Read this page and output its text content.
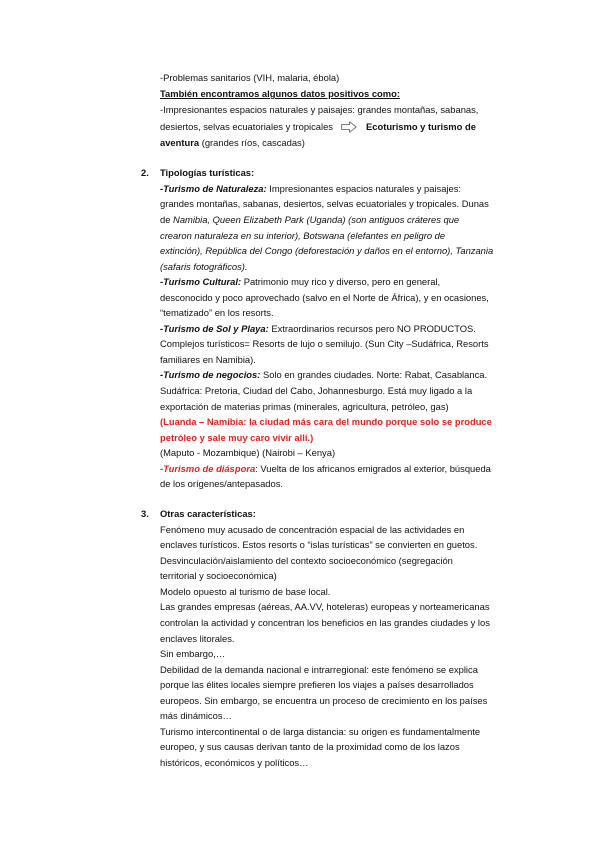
-Problemas sanitarios (VIH, malaria, ébola)
También encontramos algunos datos positivos como:
-Impresionantes espacios naturales y paisajes: grandes montañas, sabanas,
desiertos, selvas ecuatoriales y tropicales	Ecoturismo y turismo de
aventura (grandes ríos, cascadas)
2. Tipologías turísticas:
-Turismo de Naturaleza: Impresionantes espacios naturales y paisajes:
grandes montañas, sabanas, desiertos, selvas ecuatoriales y tropicales. Dunas
de Namibia, Queen Elizabeth Park (Uganda) (son antiguos cráteres que
crearon naturaleza en su interior), Botswana (elefantes en peligro de
extinción), República del Congo (deforestación y daños en el entorno), Tanzania
(safaris fotográficos).
-Turismo Cultural: Patrimonio muy rico y diverso, pero en general,
desconocido y poco aprovechado (salvo en el Norte de África), y en ocasiones,
“tematizado” en los resorts.
-Turismo de Sol y Playa: Extraordinarios recursos pero NO PRODUCTOS.
Complejos turísticos= Resorts de lujo o semilujo. (Sun City –Sudáfrica, Resorts
familiares en Namibia).
-Turismo de negocios: Solo en grandes ciudades. Norte: Rabat, Casablanca.
Sudáfrica: Pretoria, Ciudad del Cabo, Johannesburgo. Está muy ligado a la
exportación de materias primas (minerales, agricultura, petróleo, gas)
(Luanda – Namibia: la ciudad más cara del mundo porque solo se produce
petróleo y sale muy caro vivir allí.)
(Maputo - Mozambique) (Nairobi – Kenya)
-Turismo de diáspora: Vuelta de los africanos emigrados al exterior, búsqueda
de los orígenes/antepasados.
3. Otras características:
Fenómeno muy acusado de concentración espacial de las actividades en
enclaves turísticos. Estos resorts o “islas turísticas” se convierten en guetos.
Desvinculación/aislamiento del contexto socioeconómico (segregación
territorial y socioeconómica)
Modelo opuesto al turismo de base local.
Las grandes empresas (aéreas, AA.VV, hoteleras) europeas y norteamericanas
controlan la actividad y concentran los beneficios en las grandes ciudades y los
enclaves litorales.
Sin embargo,…
Debilidad de la demanda nacional e intrarregional: este fenómeno se explica
porque las élites locales siempre prefieren los viajes a países desarrollados
europeos. Sin embargo, se encuentra un proceso de crecimiento en los países
más dinámicos…
Turismo intercontinental o de larga distancia: su origen es fundamentalmente
europeo, y sus causas derivan tanto de la proximidad como de los lazos
históricos, económicos y políticos…
